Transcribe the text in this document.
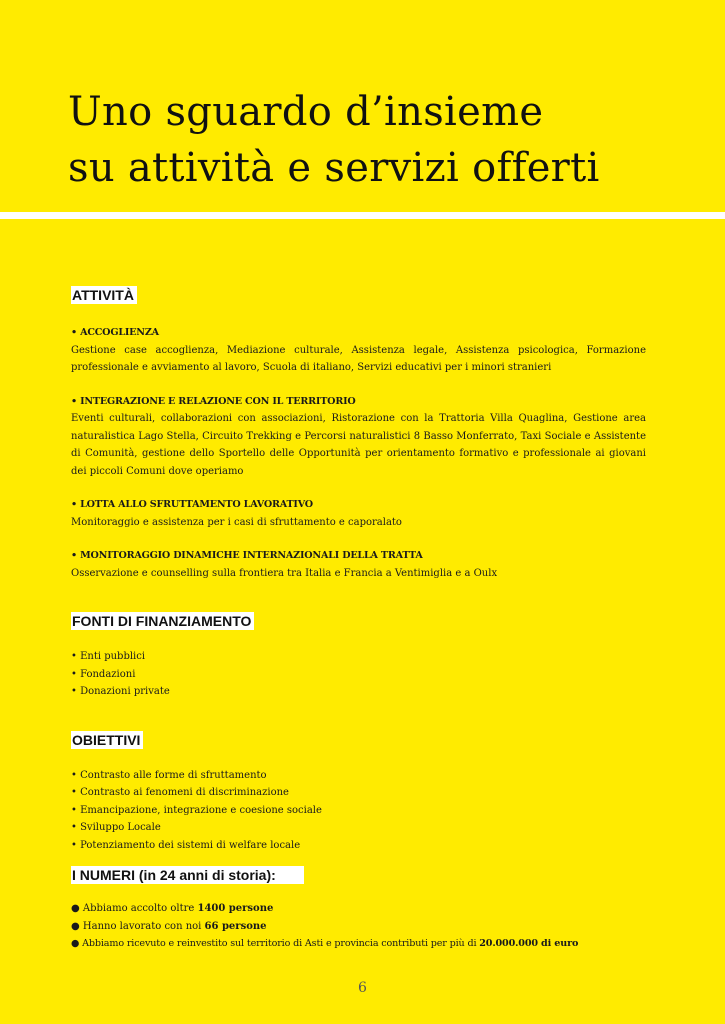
Uno sguardo d’insieme
su attività e servizi offerti
ATTIVITÀ
• ACCOGLIENZA
Gestione case accoglienza, Mediazione culturale, Assistenza legale, Assistenza psicologica, Formazione professionale e avviamento al lavoro, Scuola di italiano, Servizi educativi per i minori stranieri
• INTEGRAZIONE E RELAZIONE CON IL TERRITORIO
Eventi culturali, collaborazioni con associazioni, Ristorazione con la Trattoria Villa Quaglina, Gestione area naturalistica Lago Stella, Circuito Trekking e Percorsi naturalistici 8 Basso Monferrato, Taxi Sociale e Assistente di Comunità, gestione dello Sportello delle Opportunità per orientamento formativo e professionale ai giovani dei piccoli Comuni dove operiamo
• LOTTA ALLO SFRUTTAMENTO LAVORATIVO
Monitoraggio e assistenza per i casi di sfruttamento e caporalato
• MONITORAGGIO DINAMICHE INTERNAZIONALI DELLA TRATTA
Osservazione e counselling sulla frontiera tra Italia e Francia a Ventimiglia e a Oulx
FONTI DI FINANZIAMENTO
• Enti pubblici
• Fondazioni
• Donazioni private
OBIETTIVI
• Contrasto alle forme di sfruttamento
• Contrasto ai fenomeni di discriminazione
• Emancipazione, integrazione e coesione sociale
• Sviluppo Locale
• Potenziamento dei sistemi di welfare locale
I NUMERI (in 24 anni di storia):
● Abbiamo accolto oltre 1400 persone
● Hanno lavorato con noi 66 persone
● Abbiamo ricevuto e reinvestito sul territorio di Asti e provincia contributi per più di 20.000.000 di euro
6
